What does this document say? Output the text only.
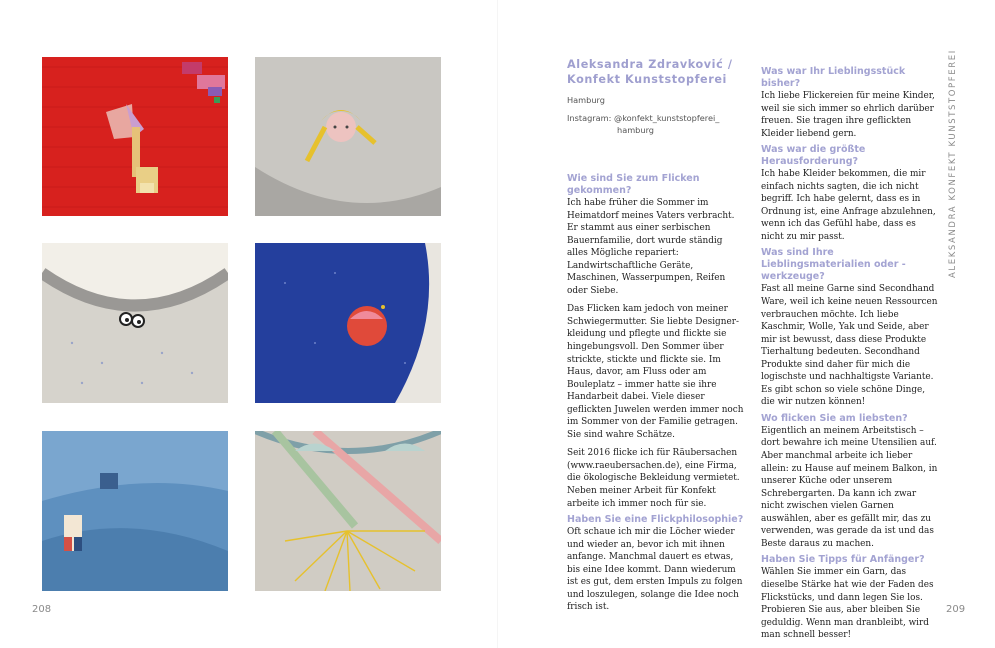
208	209
Aleksandra Zdravković /
Konfekt Kunststopferei
Hamburg
Instagram: @konfekt_kunststopferei_
hamburg
Wie sind Sie zum Flicken gekommen?

Ich habe früher die Sommer im Heimatdorf meines Vaters verbracht. Er stammt aus einer serbischen Bauernfamilie, dort wurde ständig alles Mögliche repariert: Landwirtschaftliche Geräte, Maschinen, Wasserpumpen, Reifen oder Siebe.

Das Flicken kam jedoch von meiner Schwiegermutter. Sie liebte Designerkleidung und pflegte und flickte sie hingebungsvoll. Den Sommer über strickte, stickte und flickte sie. Im Haus, davor, am Fluss oder am Bouleplatz – immer hatte sie ihre Handarbeit dabei. Viele dieser geflickten Juwelen werden immer noch im Sommer von der Familie getragen. Sie sind wahre Schätze.

Seit 2016 flicke ich für Räubersachen (www.raeubersachen.de), eine Firma, die ökologische Bekleidung vermietet. Neben meiner Arbeit für Konfekt arbeite ich immer noch für sie.

Haben Sie eine Flickphilosophie?

Oft schaue ich mir die Löcher wieder und wieder an, bevor ich mit ihnen anfange. Manchmal dauert es etwas, bis eine Idee kommt. Dann wiederum ist es gut, dem ersten Impuls zu folgen und loszulegen, solange die Idee noch frisch ist.

Was war Ihr Lieblingsstück bisher?

Ich liebe Flickereien für meine Kinder, weil sie sich immer so ehrlich darüber freuen. Sie tragen ihre geflickten Kleider liebend gern.

Was war die größte Herausforderung?

Ich habe Kleider bekommen, die mir einfach nichts sagten, die ich nicht begriff. Ich habe gelernt, dass es in Ordnung ist, eine Anfrage abzulehnen, wenn ich das Gefühl habe, dass es nicht zu mir passt.

Was sind Ihre Lieblingsmaterialien oder -werkzeuge?

Fast all meine Garne sind Secondhand Ware, weil ich keine neuen Ressourcen verbrauchen möchte. Ich liebe Kaschmir, Wolle, Yak und Seide, aber mir ist bewusst, dass diese Produkte Tierhaltung bedeuten. Secondhand Produkte sind daher für mich die logischste und nachhaltigste Variante. Es gibt schon so viele schöne Dinge, die wir nutzen können!

Wo flicken Sie am liebsten?

Eigentlich an meinem Arbeitstisch – dort bewahre ich meine Utensilien auf. Aber manchmal arbeite ich lieber allein: zu Hause auf meinem Balkon, in unserer Küche oder unserem Schrebergarten. Da kann ich zwar nicht zwischen vielen Garnen auswählen, aber es gefällt mir, das zu verwenden, was gerade da ist und das Beste daraus zu machen.

Haben Sie Tipps für Anfänger?

Wählen Sie immer ein Garn, das dieselbe Stärke hat wie der Faden des Flickstücks, und dann legen Sie los. Probieren Sie aus, aber bleiben Sie geduldig. Wenn man dranbleibt, wird man schnell besser!

ALEKSANDRA KONFEKT KUNSTSTOPFEREI
